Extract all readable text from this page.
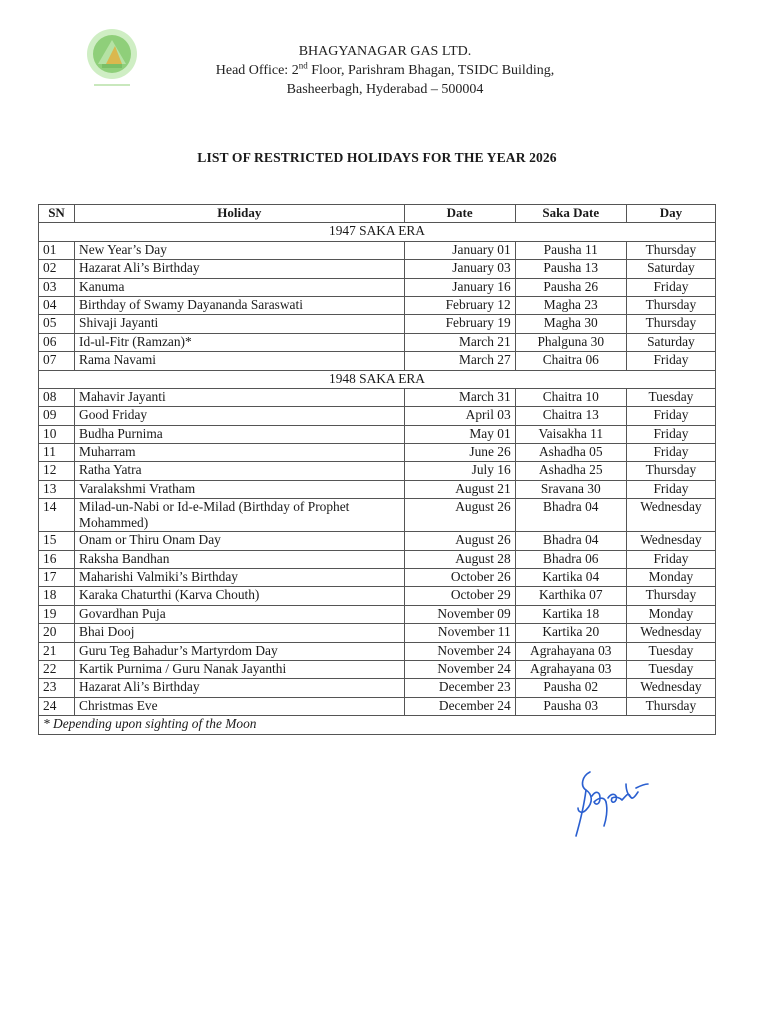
BHAGYANAGAR GAS LTD.
Head Office: 2nd Floor, Parishram Bhagan, TSIDC Building,
Basheerbagh, Hyderabad – 500004
LIST OF RESTRICTED HOLIDAYS FOR THE YEAR 2026
SN	Holiday	Date	Saka Date	Day
1947 SAKA ERA				
01	New Year’s Day	January 01	Pausha 11	Thursday
02	Hazarat Ali’s Birthday	January 03	Pausha 13	Saturday
03	Kanuma	January 16	Pausha 26	Friday
04	Birthday of Swamy Dayananda Saraswati	February 12	Magha 23	Thursday
05	Shivaji Jayanti	February 19	Magha 30	Thursday
06	Id-ul-Fitr (Ramzan)*	March 21	Phalguna 30	Saturday
07	Rama Navami	March 27	Chaitra 06	Friday
1948 SAKA ERA				
08	Mahavir Jayanti	March 31	Chaitra 10	Tuesday
09	Good Friday	April 03	Chaitra 13	Friday
10	Budha Purnima	May 01	Vaisakha 11	Friday
11	Muharram	June 26	Ashadha 05	Friday
12	Ratha Yatra	July 16	Ashadha 25	Thursday
13	Varalakshmi Vratham	August 21	Sravana 30	Friday
14	Milad-un-Nabi or Id-e-Milad (Birthday of Prophet Mohammed)	August 26	Bhadra 04	Wednesday
15	Onam or Thiru Onam Day	August 26	Bhadra 04	Wednesday
16	Raksha Bandhan	August 28	Bhadra 06	Friday
17	Maharishi Valmiki’s Birthday	October 26	Kartika 04	Monday
18	Karaka Chaturthi (Karva Chouth)	October 29	Karthika 07	Thursday
19	Govardhan Puja	November 09	Kartika 18	Monday
20	Bhai Dooj	November 11	Kartika 20	Wednesday
21	Guru Teg Bahadur’s Martyrdom Day	November 24	Agrahayana 03	Tuesday
22	Kartik Purnima / Guru Nanak Jayanthi	November 24	Agrahayana 03	Tuesday
23	Hazarat Ali’s Birthday	December 23	Pausha 02	Wednesday
24	Christmas Eve	December 24	Pausha 03	Thursday
* Depending upon sighting of the Moon				
